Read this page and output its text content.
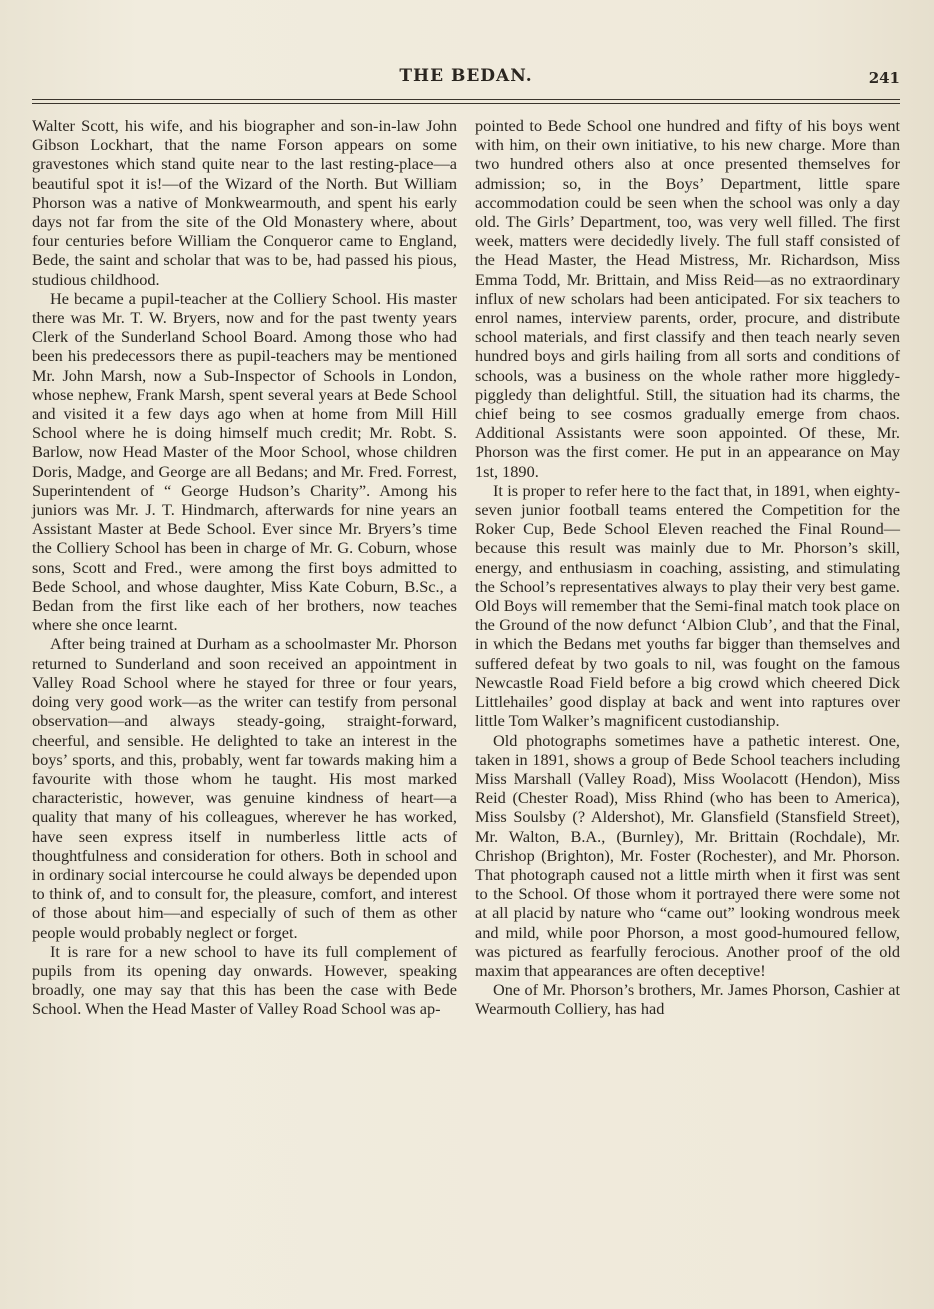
THE BEDAN.	241

Walter Scott, his wife, and his biographer and son-in-law John Gibson Lockhart, that the name Forson appears on some gravestones which stand quite near to the last resting-place—a beautiful spot it is!—of the Wizard of the North. But William Phorson was a native of Monkwearmouth, and spent his early days not far from the site of the Old Monastery where, about four centuries before William the Conqueror came to England, Bede, the saint and scholar that was to be, had passed his pious, studious childhood.

He became a pupil-teacher at the Colliery School. His master there was Mr. T. W. Bryers, now and for the past twenty years Clerk of the Sunderland School Board. Among those who had been his predecessors there as pupil-teachers may be mentioned Mr. John Marsh, now a Sub-Inspector of Schools in London, whose nephew, Frank Marsh, spent several years at Bede School and visited it a few days ago when at home from Mill Hill School where he is doing himself much credit; Mr. Robt. S. Barlow, now Head Master of the Moor School, whose children Doris, Madge, and George are all Bedans; and Mr. Fred. Forrest, Superintendent of “ George Hudson’s Charity”. Among his juniors was Mr. J. T. Hindmarch, afterwards for nine years an Assistant Master at Bede School. Ever since Mr. Bryers’s time the Colliery School has been in charge of Mr. G. Coburn, whose sons, Scott and Fred., were among the first boys admitted to Bede School, and whose daughter, Miss Kate Coburn, B.Sc., a Bedan from the first like each of her brothers, now teaches where she once learnt.

After being trained at Durham as a schoolmaster Mr. Phorson returned to Sunderland and soon received an appointment in Valley Road School where he stayed for three or four years, doing very good work—as the writer can testify from personal observation—and always steady-going, straight-forward, cheerful, and sensible. He delighted to take an interest in the boys’ sports, and this, probably, went far towards making him a favourite with those whom he taught. His most marked characteristic, however, was genuine kindness of heart—a quality that many of his colleagues, wherever he has worked, have seen express itself in numberless little acts of thoughtfulness and consideration for others. Both in school and in ordinary social intercourse he could always be depended upon to think of, and to consult for, the pleasure, comfort, and interest of those about him—and especially of such of them as other people would probably neglect or forget.

It is rare for a new school to have its full complement of pupils from its opening day onwards. However, speaking broadly, one may say that this has been the case with Bede School. When the Head Master of Valley Road School was ap-

pointed to Bede School one hundred and fifty of his boys went with him, on their own initiative, to his new charge. More than two hundred others also at once presented themselves for admission; so, in the Boys’ Department, little spare accommodation could be seen when the school was only a day old. The Girls’ Department, too, was very well filled. The first week, matters were decidedly lively. The full staff consisted of the Head Master, the Head Mistress, Mr. Richardson, Miss Emma Todd, Mr. Brittain, and Miss Reid—as no extraordinary influx of new scholars had been anticipated. For six teachers to enrol names, interview parents, order, procure, and distribute school materials, and first classify and then teach nearly seven hundred boys and girls hailing from all sorts and conditions of schools, was a business on the whole rather more higgledy-piggledy than delightful. Still, the situation had its charms, the chief being to see cosmos gradually emerge from chaos. Additional Assistants were soon appointed. Of these, Mr. Phorson was the first comer. He put in an appearance on May 1st, 1890.

It is proper to refer here to the fact that, in 1891, when eighty-seven junior football teams entered the Competition for the Roker Cup, Bede School Eleven reached the Final Round—because this result was mainly due to Mr. Phorson’s skill, energy, and enthusiasm in coaching, assisting, and stimulating the School’s representatives always to play their very best game. Old Boys will remember that the Semi-final match took place on the Ground of the now defunct ‘Albion Club’, and that the Final, in which the Bedans met youths far bigger than themselves and suffered defeat by two goals to nil, was fought on the famous Newcastle Road Field before a big crowd which cheered Dick Littlehailes’ good display at back and went into raptures over little Tom Walker’s magnificent custodianship.

Old photographs sometimes have a pathetic interest. One, taken in 1891, shows a group of Bede School teachers including Miss Marshall (Valley Road), Miss Woolacott (Hendon), Miss Reid (Chester Road), Miss Rhind (who has been to America), Miss Soulsby (? Aldershot), Mr. Glansfield (Stansfield Street), Mr. Walton, B.A., (Burnley), Mr. Brittain (Rochdale), Mr. Chrishop (Brighton), Mr. Foster (Rochester), and Mr. Phorson. That photograph caused not a little mirth when it first was sent to the School. Of those whom it portrayed there were some not at all placid by nature who “came out” looking wondrous meek and mild, while poor Phorson, a most good-humoured fellow, was pictured as fearfully ferocious. Another proof of the old maxim that appearances are often deceptive!

One of Mr. Phorson’s brothers, Mr. James Phorson, Cashier at Wearmouth Colliery, has had
